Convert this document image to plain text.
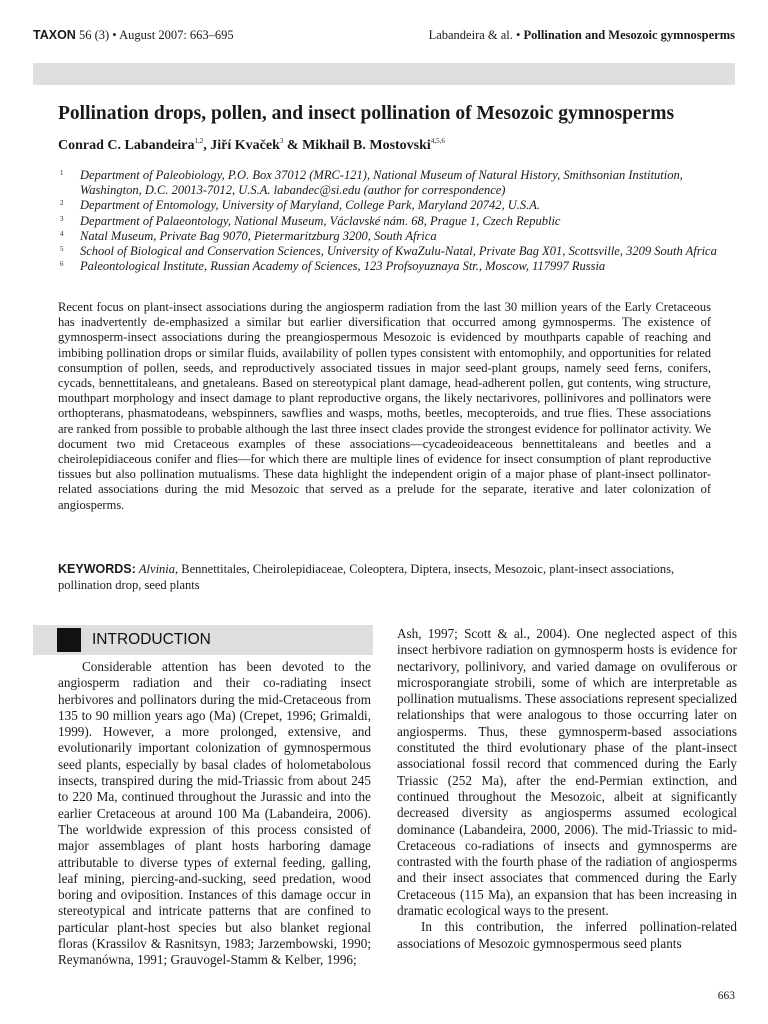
TAXON 56 (3) • August 2007: 663–695	Labandeira & al. • Pollination and Mesozoic gymnosperms
Pollination drops, pollen, and insect pollination of Mesozoic gymnosperms
Conrad C. Labandeira$^{1,2}$, Jiří Kvaček$^3$ & Mikhail B. Mostovski$^{4,5,6}$
1 Department of Paleobiology, P.O. Box 37012 (MRC-121), National Museum of Natural History, Smithsonian Institution, Washington, D.C. 20013-7012, U.S.A. labandec@si.edu (author for correspondence)
2 Department of Entomology, University of Maryland, College Park, Maryland 20742, U.S.A.
3 Department of Palaeontology, National Museum, Václavské nám. 68, Prague 1, Czech Republic
4 Natal Museum, Private Bag 9070, Pietermaritzburg 3200, South Africa
5 School of Biological and Conservation Sciences, University of KwaZulu-Natal, Private Bag X01, Scottsville, 3209 South Africa
6 Paleontological Institute, Russian Academy of Sciences, 123 Profsoyuznaya Str., Moscow, 117997 Russia

Recent focus on plant-insect associations during the angiosperm radiation from the last 30 million years of the Early Cretaceous has inadvertently de-emphasized a similar but earlier diversification that occurred among gymnosperms. The existence of gymnosperm-insect associations during the preangiospermous Mesozoic is evidenced by mouthparts capable of reaching and imbibing pollination drops or similar fluids, availability of pollen types consistent with entomophily, and opportunities for related consumption of pollen, seeds, and reproductively associated tissues in major seed-plant groups, namely seed ferns, conifers, cycads, bennettitaleans, and gnetaleans. Based on stereotypical plant damage, head-adherent pollen, gut contents, wing structure, mouthpart morphology and insect damage to plant reproductive organs, the likely nectarivores, pollinivores and pollinators were orthopterans, phasmatodeans, webspinners, sawflies and wasps, moths, beetles, mecopteroids, and true flies. These associations are ranked from possible to probable although the last three insect clades provide the strongest evidence for pollinator activity. We document two mid Cretaceous examples of these associations—cycadeoideaceous bennettitaleans and beetles and a cheirolepidiaceous conifer and flies—for which there are multiple lines of evidence for insect consumption of plant reproductive tissues but also pollination mutualisms. These data highlight the independent origin of a major phase of plant-insect pollinator-related associations during the mid Mesozoic that served as a prelude for the separate, iterative and later colonization of angiosperms.

KEYWORDS: Alvinia, Bennettitales, Cheirolepidiaceae, Coleoptera, Diptera, insects, Mesozoic, plant-insect associations, pollination drop, seed plants

INTRODUCTION

Considerable attention has been devoted to the angiosperm radiation and their co-radiating insect herbivores and pollinators during the mid-Cretaceous from 135 to 90 million years ago (Ma) (Crepet, 1996; Grimaldi, 1999). However, a more prolonged, extensive, and evolutionarily important colonization of gymnospermous seed plants, especially by basal clades of holometabolous insects, transpired during the mid-Triassic from about 245 to 220 Ma, continued throughout the Jurassic and into the earlier Cretaceous at around 100 Ma (Labandeira, 2006). The worldwide expression of this process consisted of major assemblages of plant hosts harboring damage attributable to diverse types of external feeding, galling, leaf mining, piercing-and-sucking, seed predation, wood boring and oviposition. Instances of this damage occur in stereotypical and intricate patterns that are confined to particular plant-host species but also blanket regional floras (Krassilov & Rasnitsyn, 1983; Jarzembowski, 1990; Reymanówna, 1991; Grauvogel-Stamm & Kelber, 1996;

Ash, 1997; Scott & al., 2004). One neglected aspect of this insect herbivore radiation on gymnosperm hosts is evidence for nectarivory, pollinivory, and varied damage on ovuliferous or microsporangiate strobili, some of which are interpretable as pollination mutualisms. These associations represent specialized relationships that were analogous to those occurring later on angiosperms. Thus, these gymnosperm-based associations constituted the third evolutionary phase of the plant-insect associational fossil record that commenced during the Early Triassic (252 Ma), after the end-Permian extinction, and continued throughout the Mesozoic, albeit at significantly decreased diversity as angiosperms assumed ecological dominance (Labandeira, 2000, 2006). The mid-Triassic to mid-Cretaceous co-radiations of insects and gymnosperms are contrasted with the fourth phase of the radiation of angiosperms and their insect associates that commenced during the Early Cretaceous (115 Ma), an expansion that has been increasing in dramatic ecological ways to the present.

In this contribution, the inferred pollination-related associations of Mesozoic gymnospermous seed plants

663
